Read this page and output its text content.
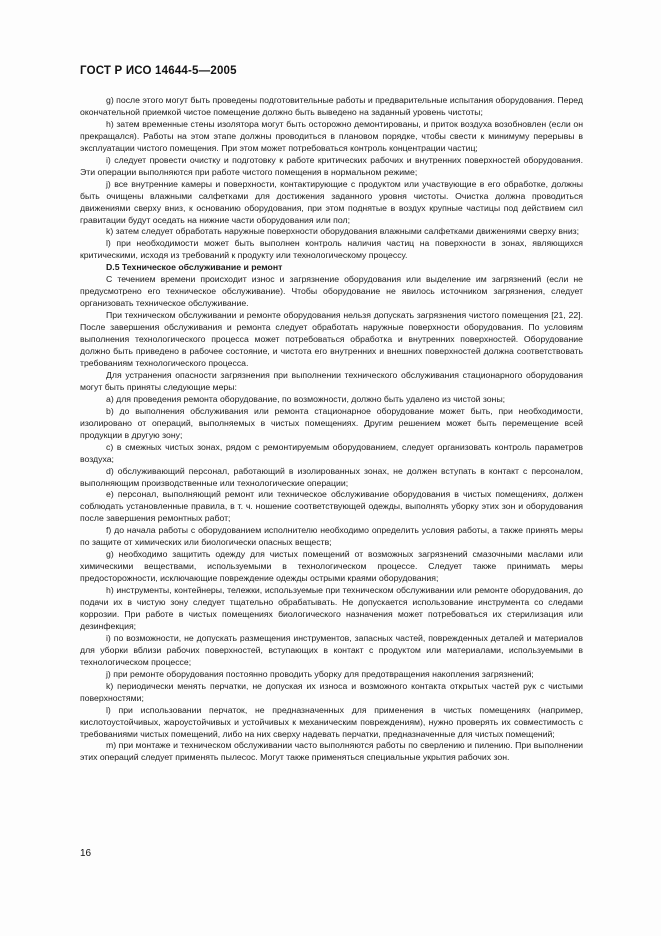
ГОСТ Р ИСО 14644-5—2005

g) после этого могут быть проведены подготовительные работы и предварительные испытания оборудования. Перед окончательной приемкой чистое помещение должно быть выведено на заданный уровень чистоты;

h) затем временные стены изолятора могут быть осторожно демонтированы, и приток воздуха возобновлен (если он прекращался). Работы на этом этапе должны проводиться в плановом порядке, чтобы свести к минимуму перерывы в эксплуатации чистого помещения. При этом может потребоваться контроль концентрации частиц;

i) следует провести очистку и подготовку к работе критических рабочих и внутренних поверхностей оборудования. Эти операции выполняются при работе чистого помещения в нормальном режиме;

j) все внутренние камеры и поверхности, контактирующие с продуктом или участвующие в его обработке, должны быть очищены влажными салфетками для достижения заданного уровня чистоты. Очистка должна проводиться движениями сверху вниз, к основанию оборудования, при этом поднятые в воздух крупные частицы под действием сил гравитации будут оседать на нижние части оборудования или пол;

k) затем следует обработать наружные поверхности оборудования влажными салфетками движениями сверху вниз;

l) при необходимости может быть выполнен контроль наличия частиц на поверхности в зонах, являющихся критическими, исходя из требований к продукту или технологическому процессу.

D.5 Техническое обслуживание и ремонт

С течением времени происходит износ и загрязнение оборудования или выделение им загрязнений (если не предусмотрено его техническое обслуживание). Чтобы оборудование не явилось источником загрязнения, следует организовать техническое обслуживание.

При техническом обслуживании и ремонте оборудования нельзя допускать загрязнения чистого помещения [21, 22]. После завершения обслуживания и ремонта следует обработать наружные поверхности оборудования. По условиям выполнения технологического процесса может потребоваться обработка и внутренних поверхностей. Оборудование должно быть приведено в рабочее состояние, и чистота его внутренних и внешних поверхностей должна соответствовать требованиям технологического процесса.

Для устранения опасности загрязнения при выполнении технического обслуживания стационарного оборудования могут быть приняты следующие меры:

a) для проведения ремонта оборудование, по возможности, должно быть удалено из чистой зоны;

b) до выполнения обслуживания или ремонта стационарное оборудование может быть, при необходимости, изолировано от операций, выполняемых в чистых помещениях. Другим решением может быть перемещение всей продукции в другую зону;

c) в смежных чистых зонах, рядом с ремонтируемым оборудованием, следует организовать контроль параметров воздуха;

d) обслуживающий персонал, работающий в изолированных зонах, не должен вступать в контакт с персоналом, выполняющим производственные или технологические операции;

e) персонал, выполняющий ремонт или техническое обслуживание оборудования в чистых помещениях, должен соблюдать установленные правила, в т. ч. ношение соответствующей одежды, выполнять уборку этих зон и оборудования после завершения ремонтных работ;

f) до начала работы с оборудованием исполнителю необходимо определить условия работы, а также принять меры по защите от химических или биологически опасных веществ;

g) необходимо защитить одежду для чистых помещений от возможных загрязнений смазочными маслами или химическими веществами, используемыми в технологическом процессе. Следует также принимать меры предосторожности, исключающие повреждение одежды острыми краями оборудования;

h) инструменты, контейнеры, тележки, используемые при техническом обслуживании или ремонте оборудования, до подачи их в чистую зону следует тщательно обрабатывать. Не допускается использование инструмента со следами коррозии. При работе в чистых помещениях биологического назначения может потребоваться их стерилизация или дезинфекция;

i) по возможности, не допускать размещения инструментов, запасных частей, поврежденных деталей и материалов для уборки вблизи рабочих поверхностей, вступающих в контакт с продуктом или материалами, используемыми в технологическом процессе;

j) при ремонте оборудования постоянно проводить уборку для предотвращения накопления загрязнений;

k) периодически менять перчатки, не допуская их износа и возможного контакта открытых частей рук с чистыми поверхностями;

l) при использовании перчаток, не предназначенных для применения в чистых помещениях (например, кислотоустойчивых, жароустойчивых и устойчивых к механическим повреждениям), нужно проверять их совместимость с требованиями чистых помещений, либо на них сверху надевать перчатки, предназначенные для чистых помещений;

m) при монтаже и техническом обслуживании часто выполняются работы по сверлению и пилению. При выполнении этих операций следует применять пылесос. Могут также применяться специальные укрытия рабочих зон.

16
